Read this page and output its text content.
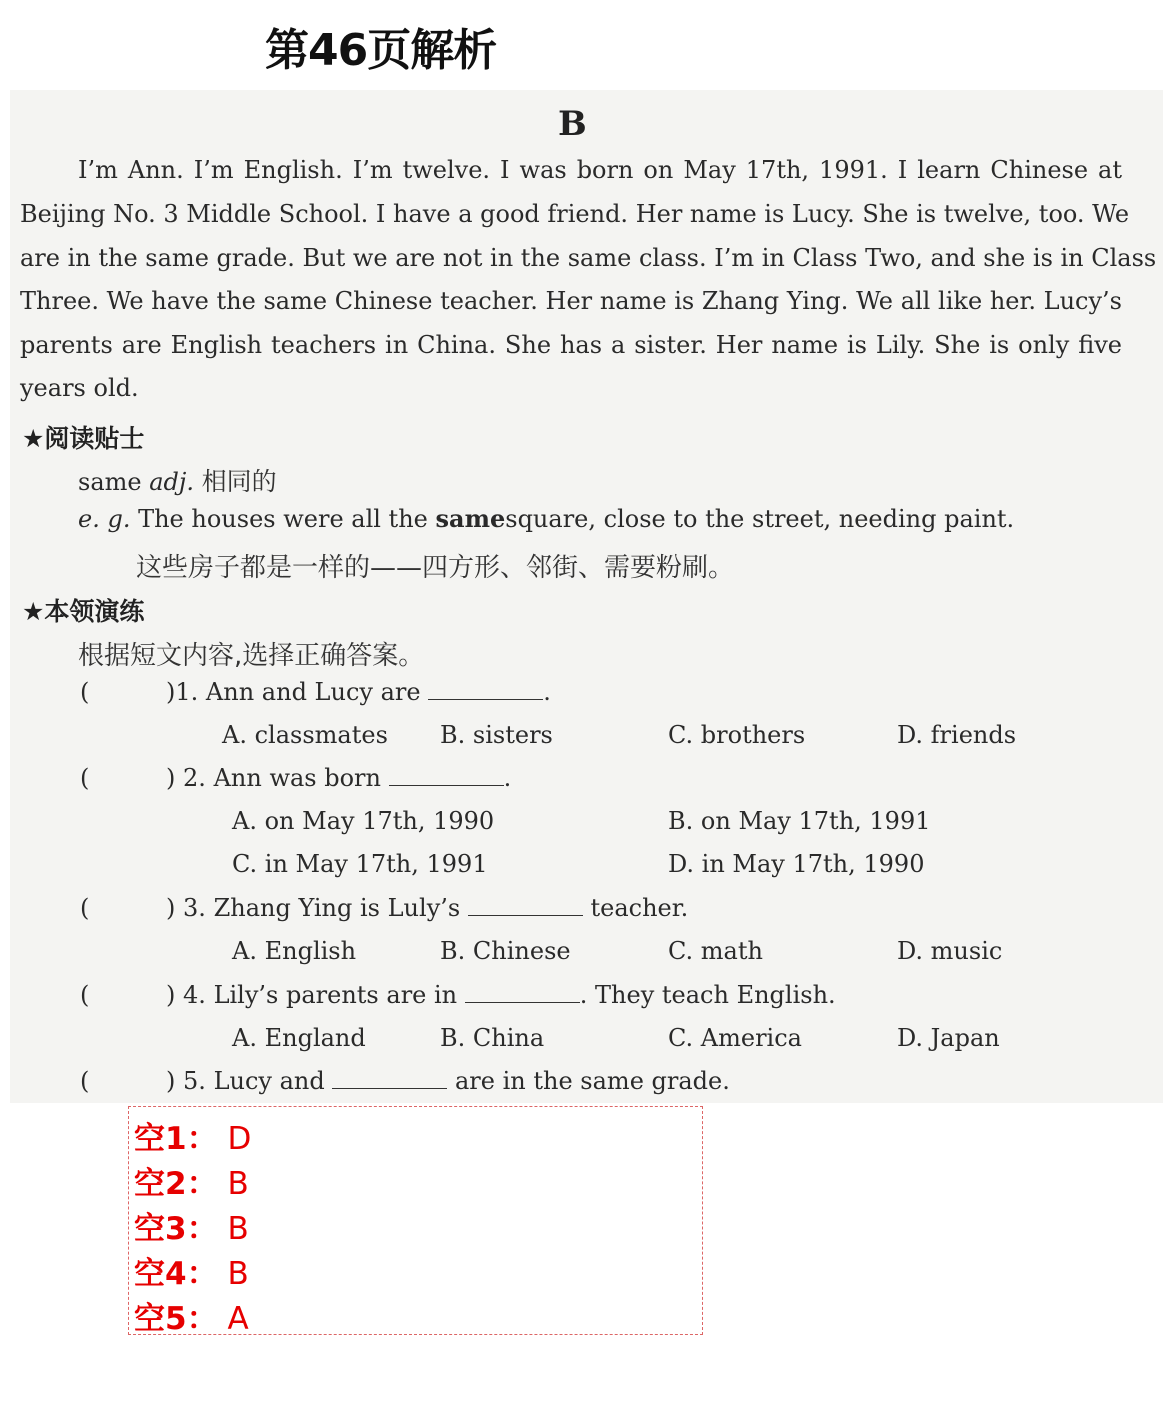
第46页解析
B
I’m Ann. I’m English. I’m twelve. I was born on May 17th, 1991. I learn Chinese at
Beijing No. 3 Middle School. I have a good friend. Her name is Lucy. She is twelve, too. We
are in the same grade. But we are not in the same class. I’m in Class Two, and she is in Class
Three. We have the same Chinese teacher. Her name is Zhang Ying. We all like her. Lucy’s
parents are English teachers in China. She has a sister. Her name is Lily. She is only five
years old.
★阅读贴士
same adj. 相同的
e. g. The houses were all the samesquare, close to the street, needing paint.
这些房子都是一样的——四方形、邻街、需要粉刷。
★本领演练
根据短文内容,选择正确答案。
(	)1. Ann and Lucy are	.
A. classmates B. sisters	C. brothers	D. friends
(	) 2. Ann was born	.
A. on May 17th, 1990	B. on May 17th, 1991
C. in May 17th, 1991	D. in May 17th, 1990
(	) 3. Zhang Ying is Luly’s	teacher.
A. English	B. Chinese	C. math	D. music
(	) 4. Lily’s parents are in	. They teach English.
A. England	B. China	C. America	D. Japan
(	) 5. Lucy and	are in the same grade.
空1： D
空2： B
空3： B
空4： B
空5： A
